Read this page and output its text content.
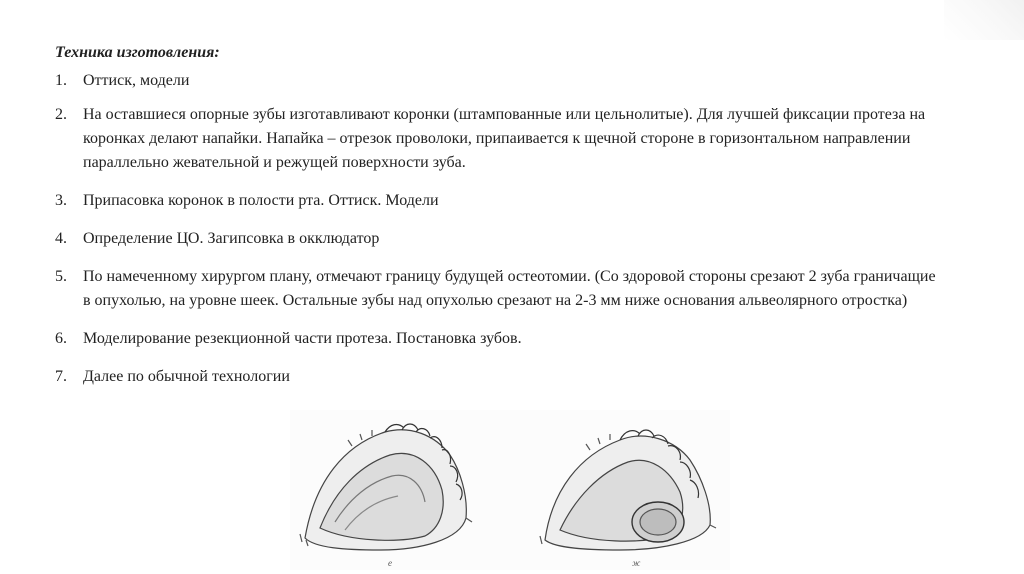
Техника изготовления:
1.	Оттиск, модели
2.	На оставшиеся опорные зубы изготавливают коронки (штампованные или цельнолитые). Для лучшей фиксации протеза на коронках делают напайки. Напайка – отрезок проволоки, припаивается к щечной стороне в горизонтальном направлении параллельно жевательной и режущей поверхности зуба.
3.	Припасовка коронок в полости рта. Оттиск. Модели
4.	Определение ЦО. Загипсовка в окклюдатор
5.	По намеченному хирургом плану, отмечают границу будущей остеотомии. (Со здоровой стороны срезают 2 зуба граничащие в опухолью, на уровне шеек. Остальные зубы над опухолью срезают на 2-3 мм ниже основания альвеолярного отростка)
6.	Моделирование резекционной части протеза. Постановка зубов.
7.	Далее по обычной технологии
е	ж
